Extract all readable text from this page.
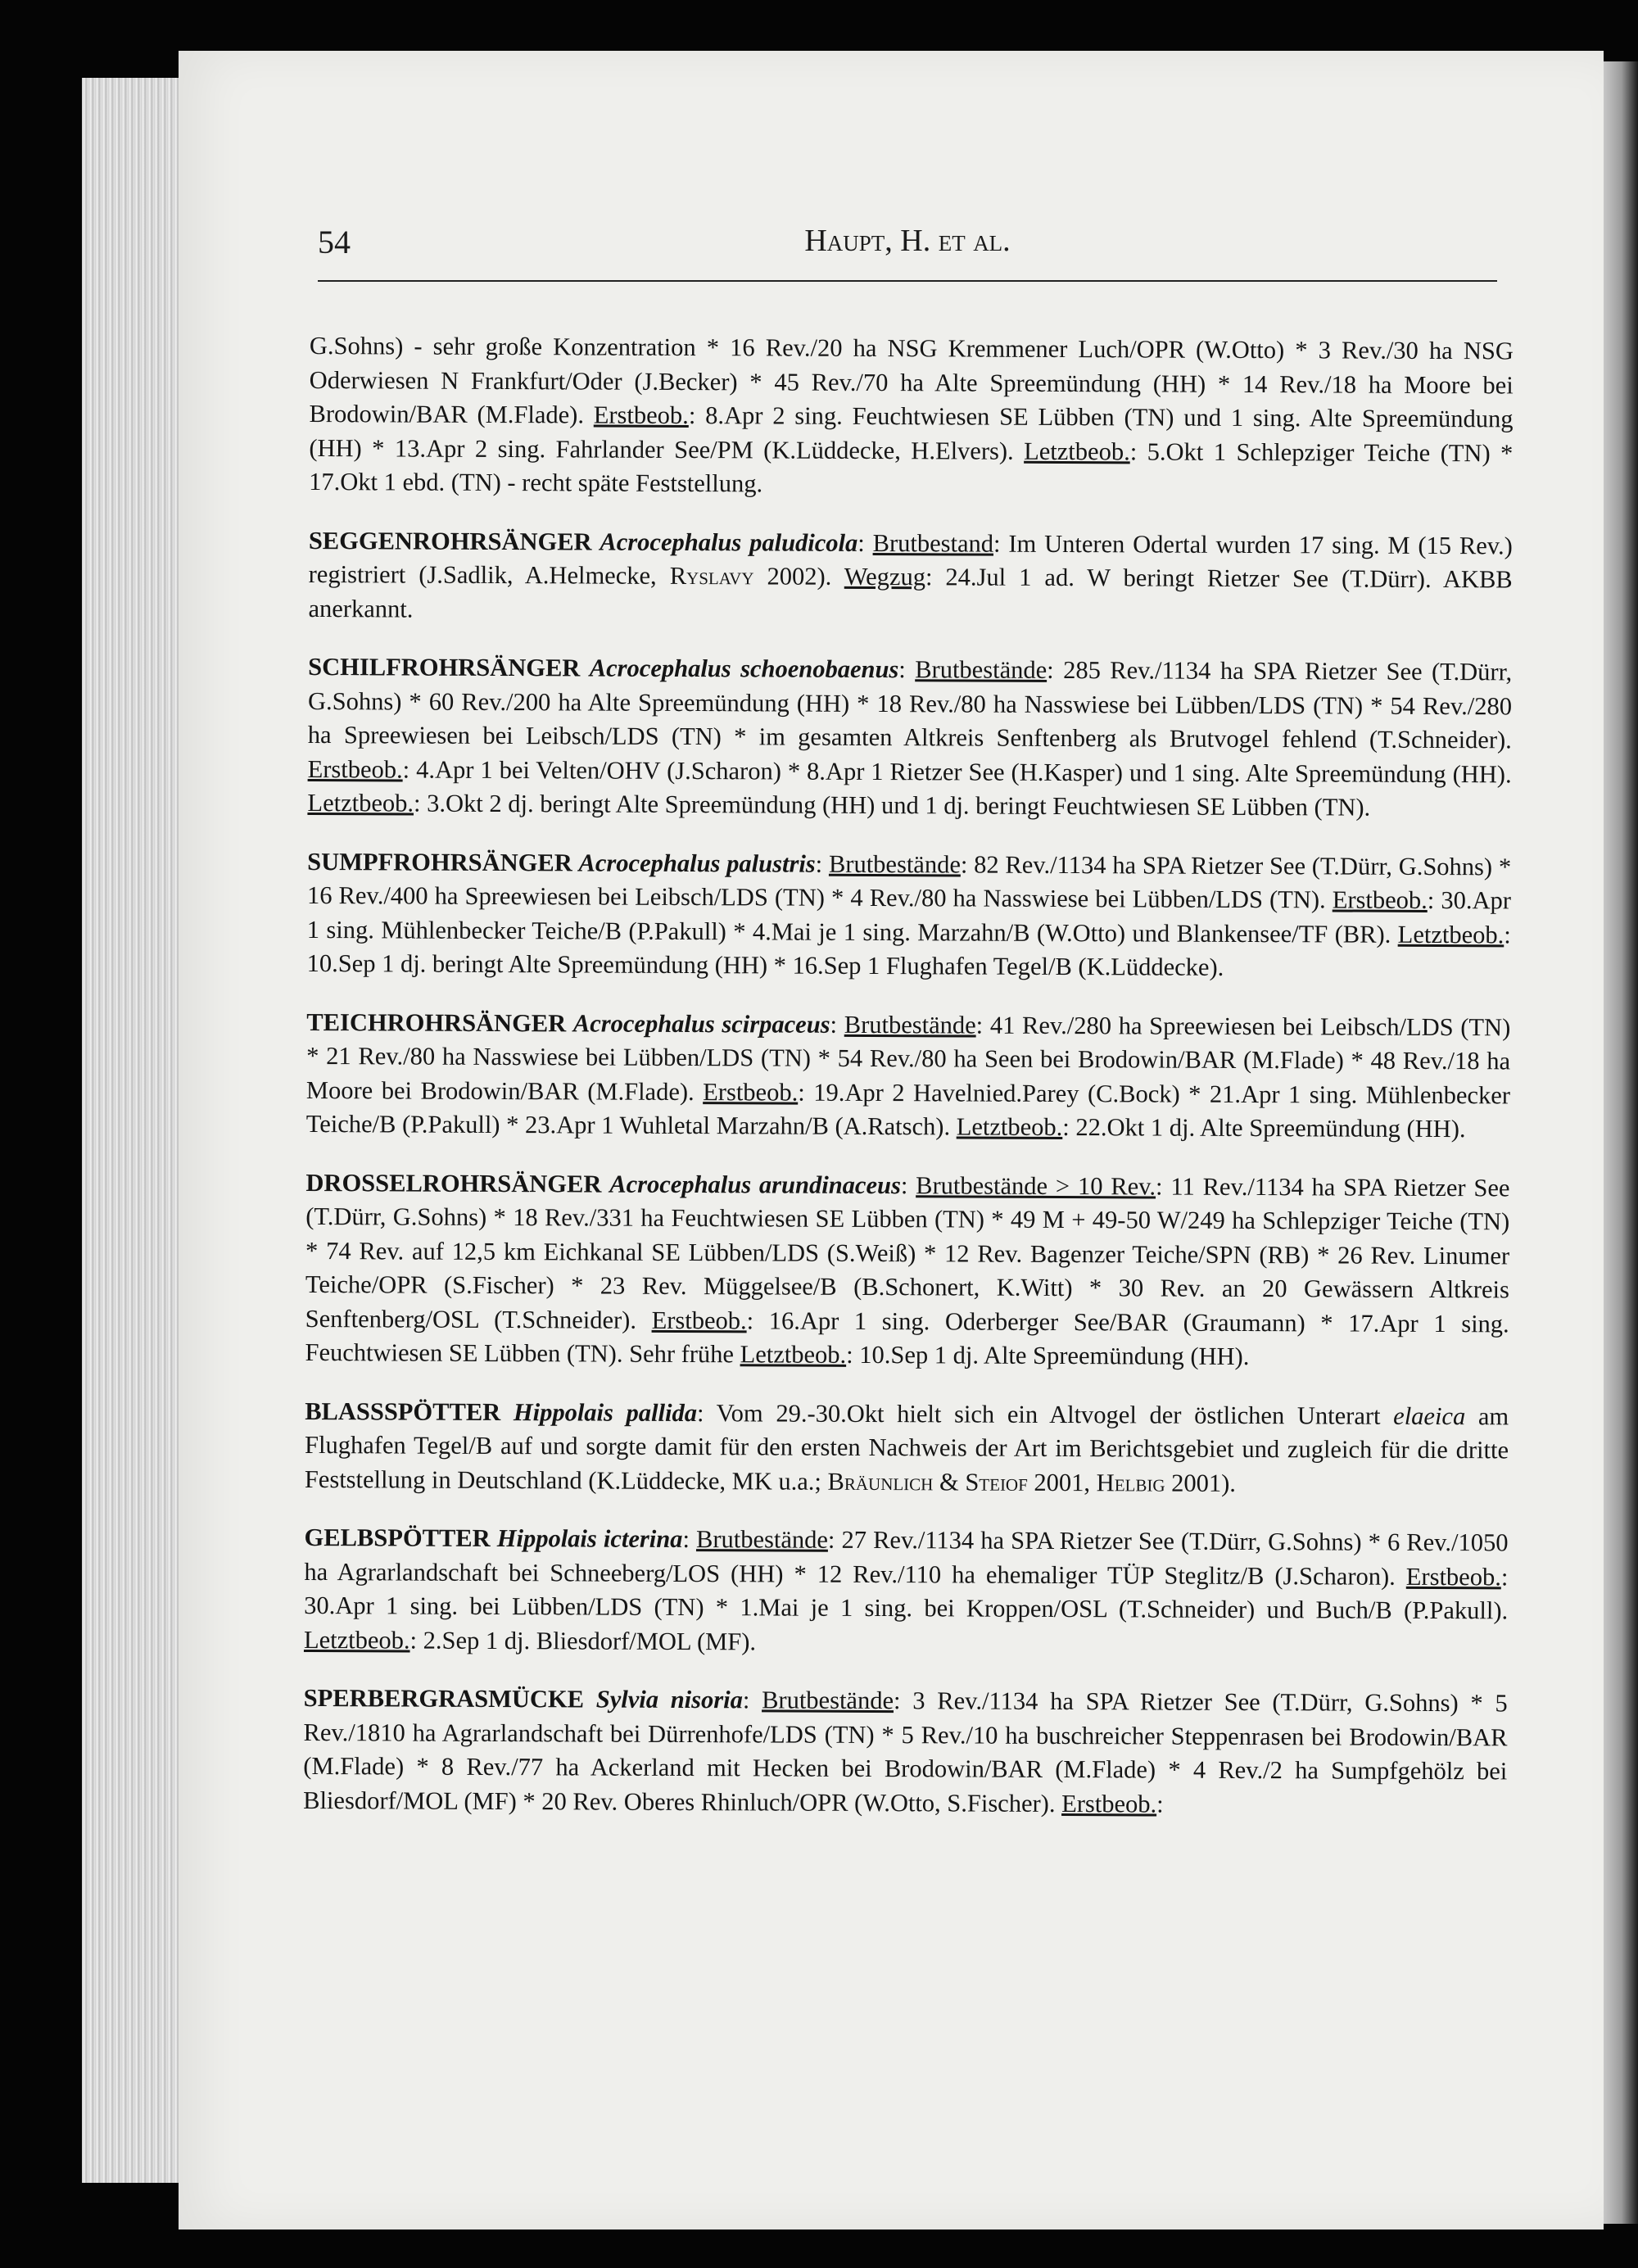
54	Haupt, H. et al.

G.Sohns) - sehr große Konzentration * 16 Rev./20 ha NSG Kremmener Luch/OPR (W.Otto) * 3 Rev./30 ha NSG Oderwiesen N Frankfurt/Oder (J.Becker) * 45 Rev./70 ha Alte Spreemündung (HH) * 14 Rev./18 ha Moore bei Brodowin/BAR (M.Flade). Erstbeob.: 8.Apr 2 sing. Feuchtwiesen SE Lübben (TN) und 1 sing. Alte Spreemündung (HH) * 13.Apr 2 sing. Fahrlander See/PM (K.Lüddecke, H.Elvers). Letztbeob.: 5.Okt 1 Schlepziger Teiche (TN) * 17.Okt 1 ebd. (TN) - recht späte Feststellung.

SEGGENROHRSÄNGER Acrocephalus paludicola: Brutbestand: Im Unteren Odertal wurden 17 sing. M (15 Rev.) registriert (J.Sadlik, A.Helmecke, Ryslavy 2002). Wegzug: 24.Jul 1 ad. W beringt Rietzer See (T.Dürr). AKBB anerkannt.

SCHILFROHRSÄNGER Acrocephalus schoenobaenus: Brutbestände: 285 Rev./1134 ha SPA Rietzer See (T.Dürr, G.Sohns) * 60 Rev./200 ha Alte Spreemündung (HH) * 18 Rev./80 ha Nasswiese bei Lübben/LDS (TN) * 54 Rev./280 ha Spreewiesen bei Leibsch/LDS (TN) * im gesamten Altkreis Senftenberg als Brutvogel fehlend (T.Schneider). Erstbeob.: 4.Apr 1 bei Velten/OHV (J.Scharon) * 8.Apr 1 Rietzer See (H.Kasper) und 1 sing. Alte Spreemündung (HH). Letztbeob.: 3.Okt 2 dj. beringt Alte Spreemündung (HH) und 1 dj. beringt Feuchtwiesen SE Lübben (TN).

SUMPFROHRSÄNGER Acrocephalus palustris: Brutbestände: 82 Rev./1134 ha SPA Rietzer See (T.Dürr, G.Sohns) * 16 Rev./400 ha Spreewiesen bei Leibsch/LDS (TN) * 4 Rev./80 ha Nasswiese bei Lübben/LDS (TN). Erstbeob.: 30.Apr 1 sing. Mühlenbecker Teiche/B (P.Pakull) * 4.Mai je 1 sing. Marzahn/B (W.Otto) und Blankensee/TF (BR). Letztbeob.: 10.Sep 1 dj. beringt Alte Spreemündung (HH) * 16.Sep 1 Flughafen Tegel/B (K.Lüddecke).

TEICHROHRSÄNGER Acrocephalus scirpaceus: Brutbestände: 41 Rev./280 ha Spreewiesen bei Leibsch/LDS (TN) * 21 Rev./80 ha Nasswiese bei Lübben/LDS (TN) * 54 Rev./80 ha Seen bei Brodowin/BAR (M.Flade) * 48 Rev./18 ha Moore bei Brodowin/BAR (M.Flade). Erstbeob.: 19.Apr 2 Havelnied.Parey (C.Bock) * 21.Apr 1 sing. Mühlenbecker Teiche/B (P.Pakull) * 23.Apr 1 Wuhletal Marzahn/B (A.Ratsch). Letztbeob.: 22.Okt 1 dj. Alte Spreemündung (HH).

DROSSELROHRSÄNGER Acrocephalus arundinaceus: Brutbestände > 10 Rev.: 11 Rev./1134 ha SPA Rietzer See (T.Dürr, G.Sohns) * 18 Rev./331 ha Feuchtwiesen SE Lübben (TN) * 49 M + 49-50 W/249 ha Schlepziger Teiche (TN) * 74 Rev. auf 12,5 km Eichkanal SE Lübben/LDS (S.Weiß) * 12 Rev. Bagenzer Teiche/SPN (RB) * 26 Rev. Linumer Teiche/OPR (S.Fischer) * 23 Rev. Müggelsee/B (B.Schonert, K.Witt) * 30 Rev. an 20 Gewässern Altkreis Senftenberg/OSL (T.Schneider). Erstbeob.: 16.Apr 1 sing. Oderberger See/BAR (Graumann) * 17.Apr 1 sing. Feuchtwiesen SE Lübben (TN). Sehr frühe Letztbeob.: 10.Sep 1 dj. Alte Spreemündung (HH).

BLASSSPÖTTER Hippolais pallida: Vom 29.-30.Okt hielt sich ein Altvogel der östlichen Unterart elaeica am Flughafen Tegel/B auf und sorgte damit für den ersten Nachweis der Art im Berichtsgebiet und zugleich für die dritte Feststellung in Deutschland (K.Lüddecke, MK u.a.; Bräunlich & Steiof 2001, Helbig 2001).

GELBSPÖTTER Hippolais icterina: Brutbestände: 27 Rev./1134 ha SPA Rietzer See (T.Dürr, G.Sohns) * 6 Rev./1050 ha Agrarlandschaft bei Schneeberg/LOS (HH) * 12 Rev./110 ha ehemaliger TÜP Steglitz/B (J.Scharon). Erstbeob.: 30.Apr 1 sing. bei Lübben/LDS (TN) * 1.Mai je 1 sing. bei Kroppen/OSL (T.Schneider) und Buch/B (P.Pakull). Letztbeob.: 2.Sep 1 dj. Bliesdorf/MOL (MF).

SPERBERGRASMÜCKE Sylvia nisoria: Brutbestände: 3 Rev./1134 ha SPA Rietzer See (T.Dürr, G.Sohns) * 5 Rev./1810 ha Agrarlandschaft bei Dürrenhofe/LDS (TN) * 5 Rev./10 ha buschreicher Steppenrasen bei Brodowin/BAR (M.Flade) * 8 Rev./77 ha Ackerland mit Hecken bei Brodowin/BAR (M.Flade) * 4 Rev./2 ha Sumpfgehölz bei Bliesdorf/MOL (MF) * 20 Rev. Oberes Rhinluch/OPR (W.Otto, S.Fischer). Erstbeob.:
